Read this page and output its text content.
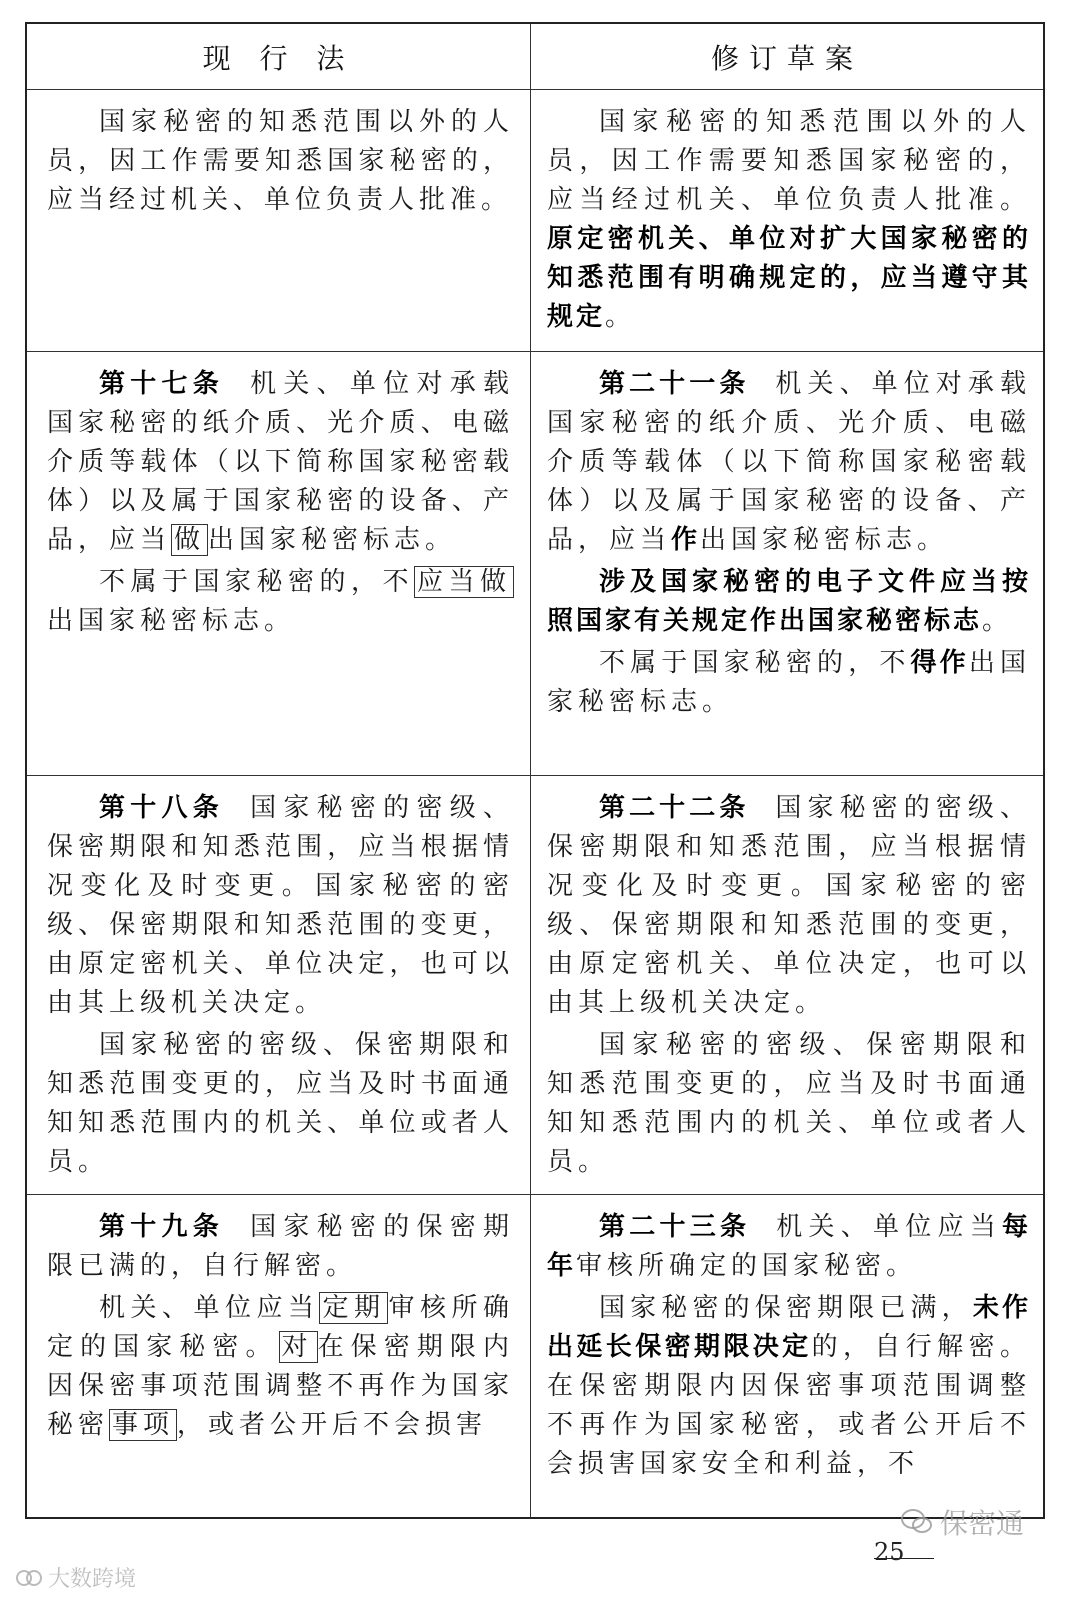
现 行 法	修订草案

国家秘密的知悉范围以外的人员，因工作需要知悉国家秘密的，应当经过机关、单位负责人批准。

国家秘密的知悉范围以外的人员，因工作需要知悉国家秘密的，应当经过机关、单位负责人批准。原定密机关、单位对扩大国家秘密的知悉范围有明确规定的，应当遵守其规定。

第十七条 机关、单位对承载国家秘密的纸介质、光介质、电磁介质等载体（以下简称国家秘密载体）以及属于国家秘密的设备、产品，应当 做 出国家秘密标志。

不属于国家秘密的，不 应当做出国家秘密标志。

第二十一条 机关、单位对承载国家秘密的纸介质、光介质、电磁介质等载体（以下简称国家秘密载体）以及属于国家秘密的设备、产品，应当作出国家秘密标志。

涉及国家秘密的电子文件应当按照国家有关规定作出国家秘密标志。

不属于国家秘密的，不得作出国家秘密标志。

第十八条 国家秘密的密级、保密期限和知悉范围，应当根据情况变化及时变更。国家秘密的密级、保密期限和知悉范围的变更，由原定密机关、单位决定，也可以由其上级机关决定。

国家秘密的密级、保密期限和知悉范围变更的，应当及时书面通知知悉范围内的机关、单位或者人员。

第二十二条 国家秘密的密级、保密期限和知悉范围，应当根据情况变化及时变更。国家秘密的密级、保密期限和知悉范围的变更，由原定密机关、单位决定，也可以由其上级机关决定。

国家秘密的密级、保密期限和知悉范围变更的，应当及时书面通知知悉范围内的机关、单位或者人员。

第十九条 国家秘密的保密期限已满的，自行解密。

机关、单位应当 定期 审核所确定的国家秘密。 对 在保密期限内因保密事项范围调整不再作为国家秘密 事项 ，或者公开后不会损害

第二十三条 机关、单位应当每年审核所确定的国家秘密。

国家秘密的保密期限已满，未作出延长保密期限决定的，自行解密。在保密期限内因保密事项范围调整不再作为国家秘密，或者公开后不会损害国家安全和利益，不

25
保密通
大数跨境
